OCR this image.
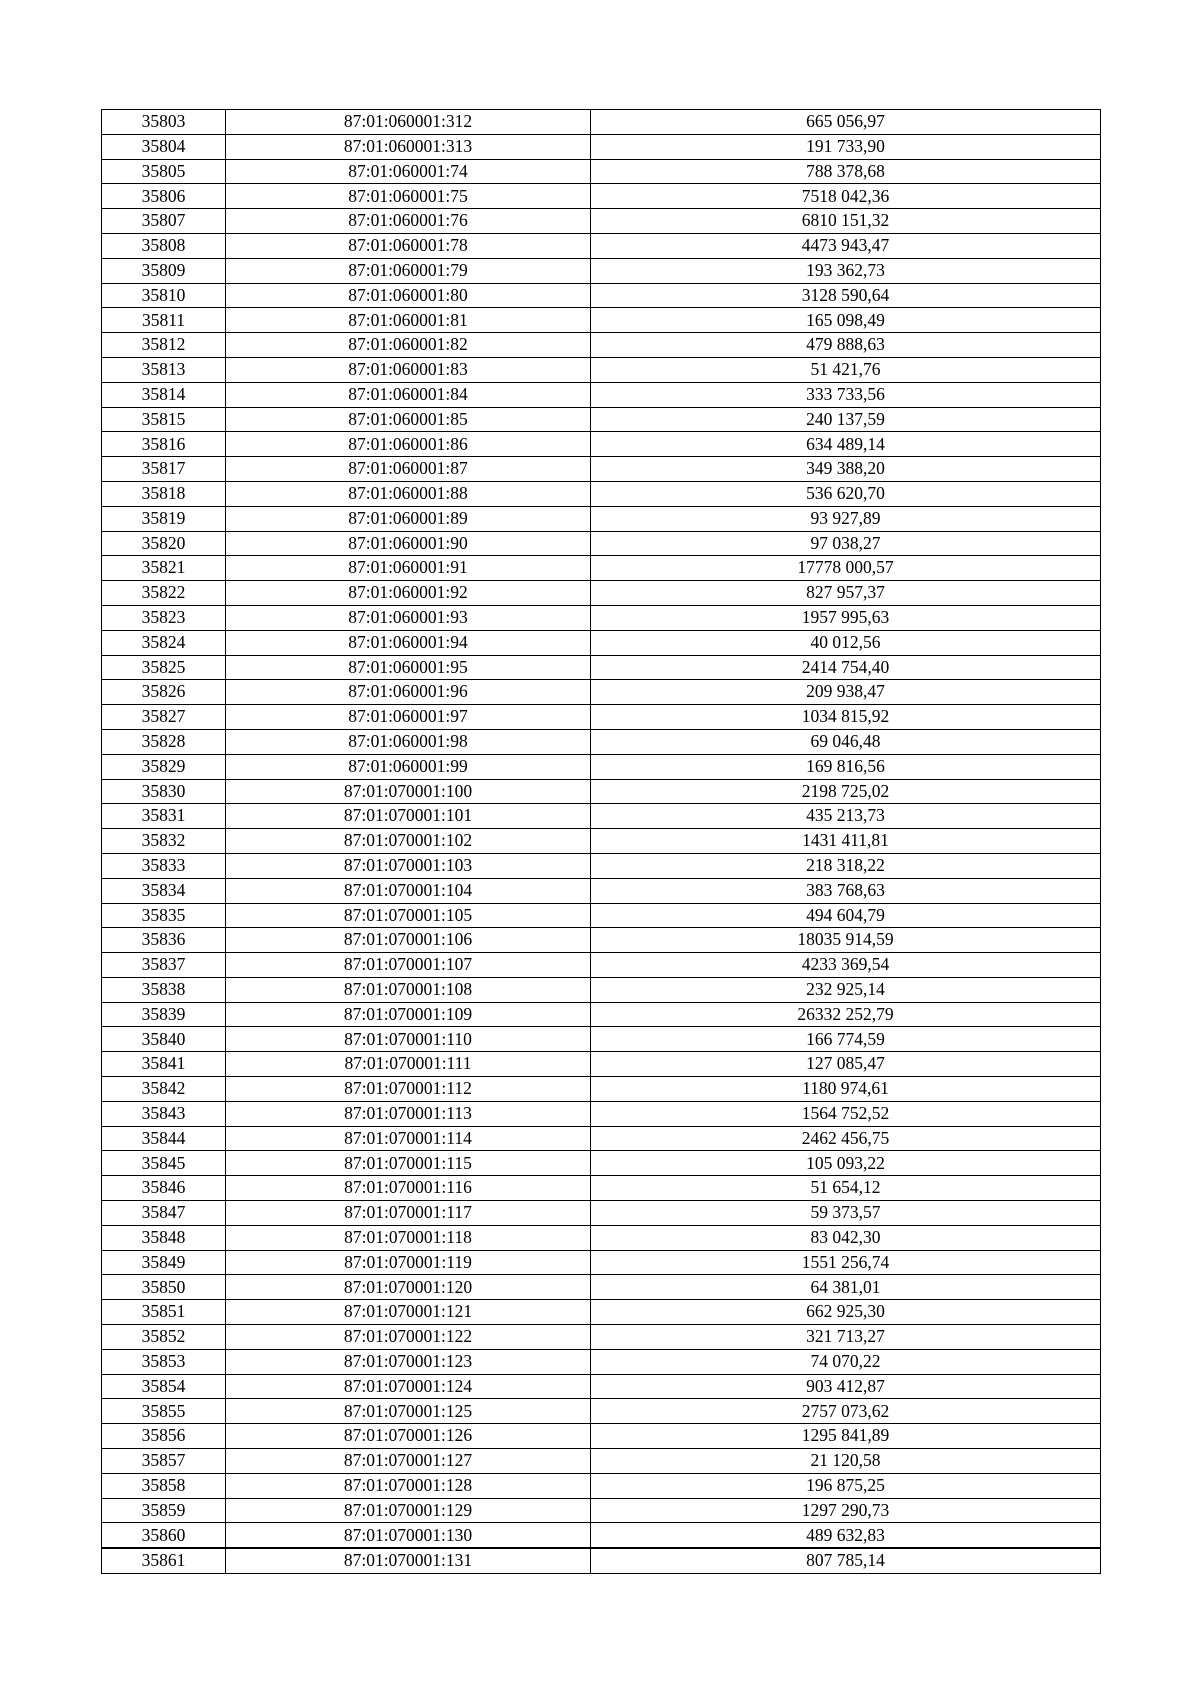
35803	87:01:060001:312	665 056,97
35804	87:01:060001:313	191 733,90
35805	87:01:060001:74	788 378,68
35806	87:01:060001:75	7518 042,36
35807	87:01:060001:76	6810 151,32
35808	87:01:060001:78	4473 943,47
35809	87:01:060001:79	193 362,73
35810	87:01:060001:80	3128 590,64
35811	87:01:060001:81	165 098,49
35812	87:01:060001:82	479 888,63
35813	87:01:060001:83	51 421,76
35814	87:01:060001:84	333 733,56
35815	87:01:060001:85	240 137,59
35816	87:01:060001:86	634 489,14
35817	87:01:060001:87	349 388,20
35818	87:01:060001:88	536 620,70
35819	87:01:060001:89	93 927,89
35820	87:01:060001:90	97 038,27
35821	87:01:060001:91	17778 000,57
35822	87:01:060001:92	827 957,37
35823	87:01:060001:93	1957 995,63
35824	87:01:060001:94	40 012,56
35825	87:01:060001:95	2414 754,40
35826	87:01:060001:96	209 938,47
35827	87:01:060001:97	1034 815,92
35828	87:01:060001:98	69 046,48
35829	87:01:060001:99	169 816,56
35830	87:01:070001:100	2198 725,02
35831	87:01:070001:101	435 213,73
35832	87:01:070001:102	1431 411,81
35833	87:01:070001:103	218 318,22
35834	87:01:070001:104	383 768,63
35835	87:01:070001:105	494 604,79
35836	87:01:070001:106	18035 914,59
35837	87:01:070001:107	4233 369,54
35838	87:01:070001:108	232 925,14
35839	87:01:070001:109	26332 252,79
35840	87:01:070001:110	166 774,59
35841	87:01:070001:111	127 085,47
35842	87:01:070001:112	1180 974,61
35843	87:01:070001:113	1564 752,52
35844	87:01:070001:114	2462 456,75
35845	87:01:070001:115	105 093,22
35846	87:01:070001:116	51 654,12
35847	87:01:070001:117	59 373,57
35848	87:01:070001:118	83 042,30
35849	87:01:070001:119	1551 256,74
35850	87:01:070001:120	64 381,01
35851	87:01:070001:121	662 925,30
35852	87:01:070001:122	321 713,27
35853	87:01:070001:123	74 070,22
35854	87:01:070001:124	903 412,87
35855	87:01:070001:125	2757 073,62
35856	87:01:070001:126	1295 841,89
35857	87:01:070001:127	21 120,58
35858	87:01:070001:128	196 875,25
35859	87:01:070001:129	1297 290,73
35860	87:01:070001:130	489 632,83
35861	87:01:070001:131	807 785,14
